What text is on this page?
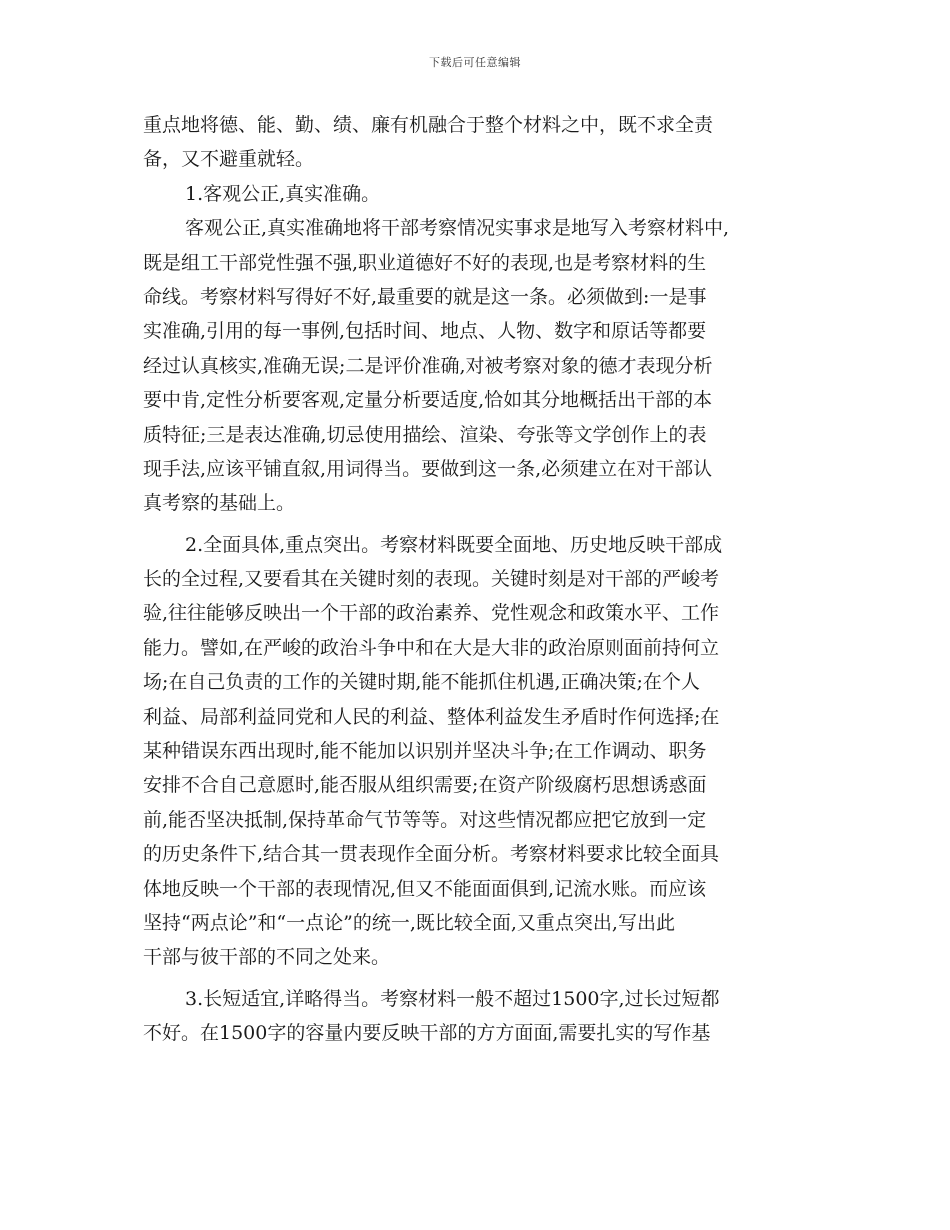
下载后可任意编辑
重点地将德、能、勤、绩、廉有机融合于整个材料之中，既不求全责
备，又不避重就轻。
1.客观公正,真实准确。
客观公正,真实准确地将干部考察情况实事求是地写入考察材料中,
既是组工干部党性强不强,职业道德好不好的表现,也是考察材料的生
命线。考察材料写得好不好,最重要的就是这一条。必须做到:一是事
实准确,引用的每一事例,包括时间、地点、人物、数字和原话等都要
经过认真核实,准确无误;二是评价准确,对被考察对象的德才表现分析
要中肯,定性分析要客观,定量分析要适度,恰如其分地概括出干部的本
质特征;三是表达准确,切忌使用描绘、渲染、夸张等文学创作上的表
现手法,应该平铺直叙,用词得当。要做到这一条,必须建立在对干部认
真考察的基础上。
2.全面具体,重点突出。考察材料既要全面地、历史地反映干部成
长的全过程,又要看其在关键时刻的表现。关键时刻是对干部的严峻考
验,往往能够反映出一个干部的政治素养、党性观念和政策水平、工作
能力。譬如,在严峻的政治斗争中和在大是大非的政治原则面前持何立
场;在自己负责的工作的关键时期,能不能抓住机遇,正确决策;在个人
利益、局部利益同党和人民的利益、整体利益发生矛盾时作何选择;在
某种错误东西出现时,能不能加以识别并坚决斗争;在工作调动、职务
安排不合自己意愿时,能否服从组织需要;在资产阶级腐朽思想诱惑面
前,能否坚决抵制,保持革命气节等等。对这些情况都应把它放到一定
的历史条件下,结合其一贯表现作全面分析。考察材料要求比较全面具
体地反映一个干部的表现情况,但又不能面面俱到,记流水账。而应该
坚持“两点论”和“一点论”的统一,既比较全面,又重点突出,写出此
干部与彼干部的不同之处来。
3.长短适宜,详略得当。考察材料一般不超过1500字,过长过短都
不好。在1500字的容量内要反映干部的方方面面,需要扎实的写作基
